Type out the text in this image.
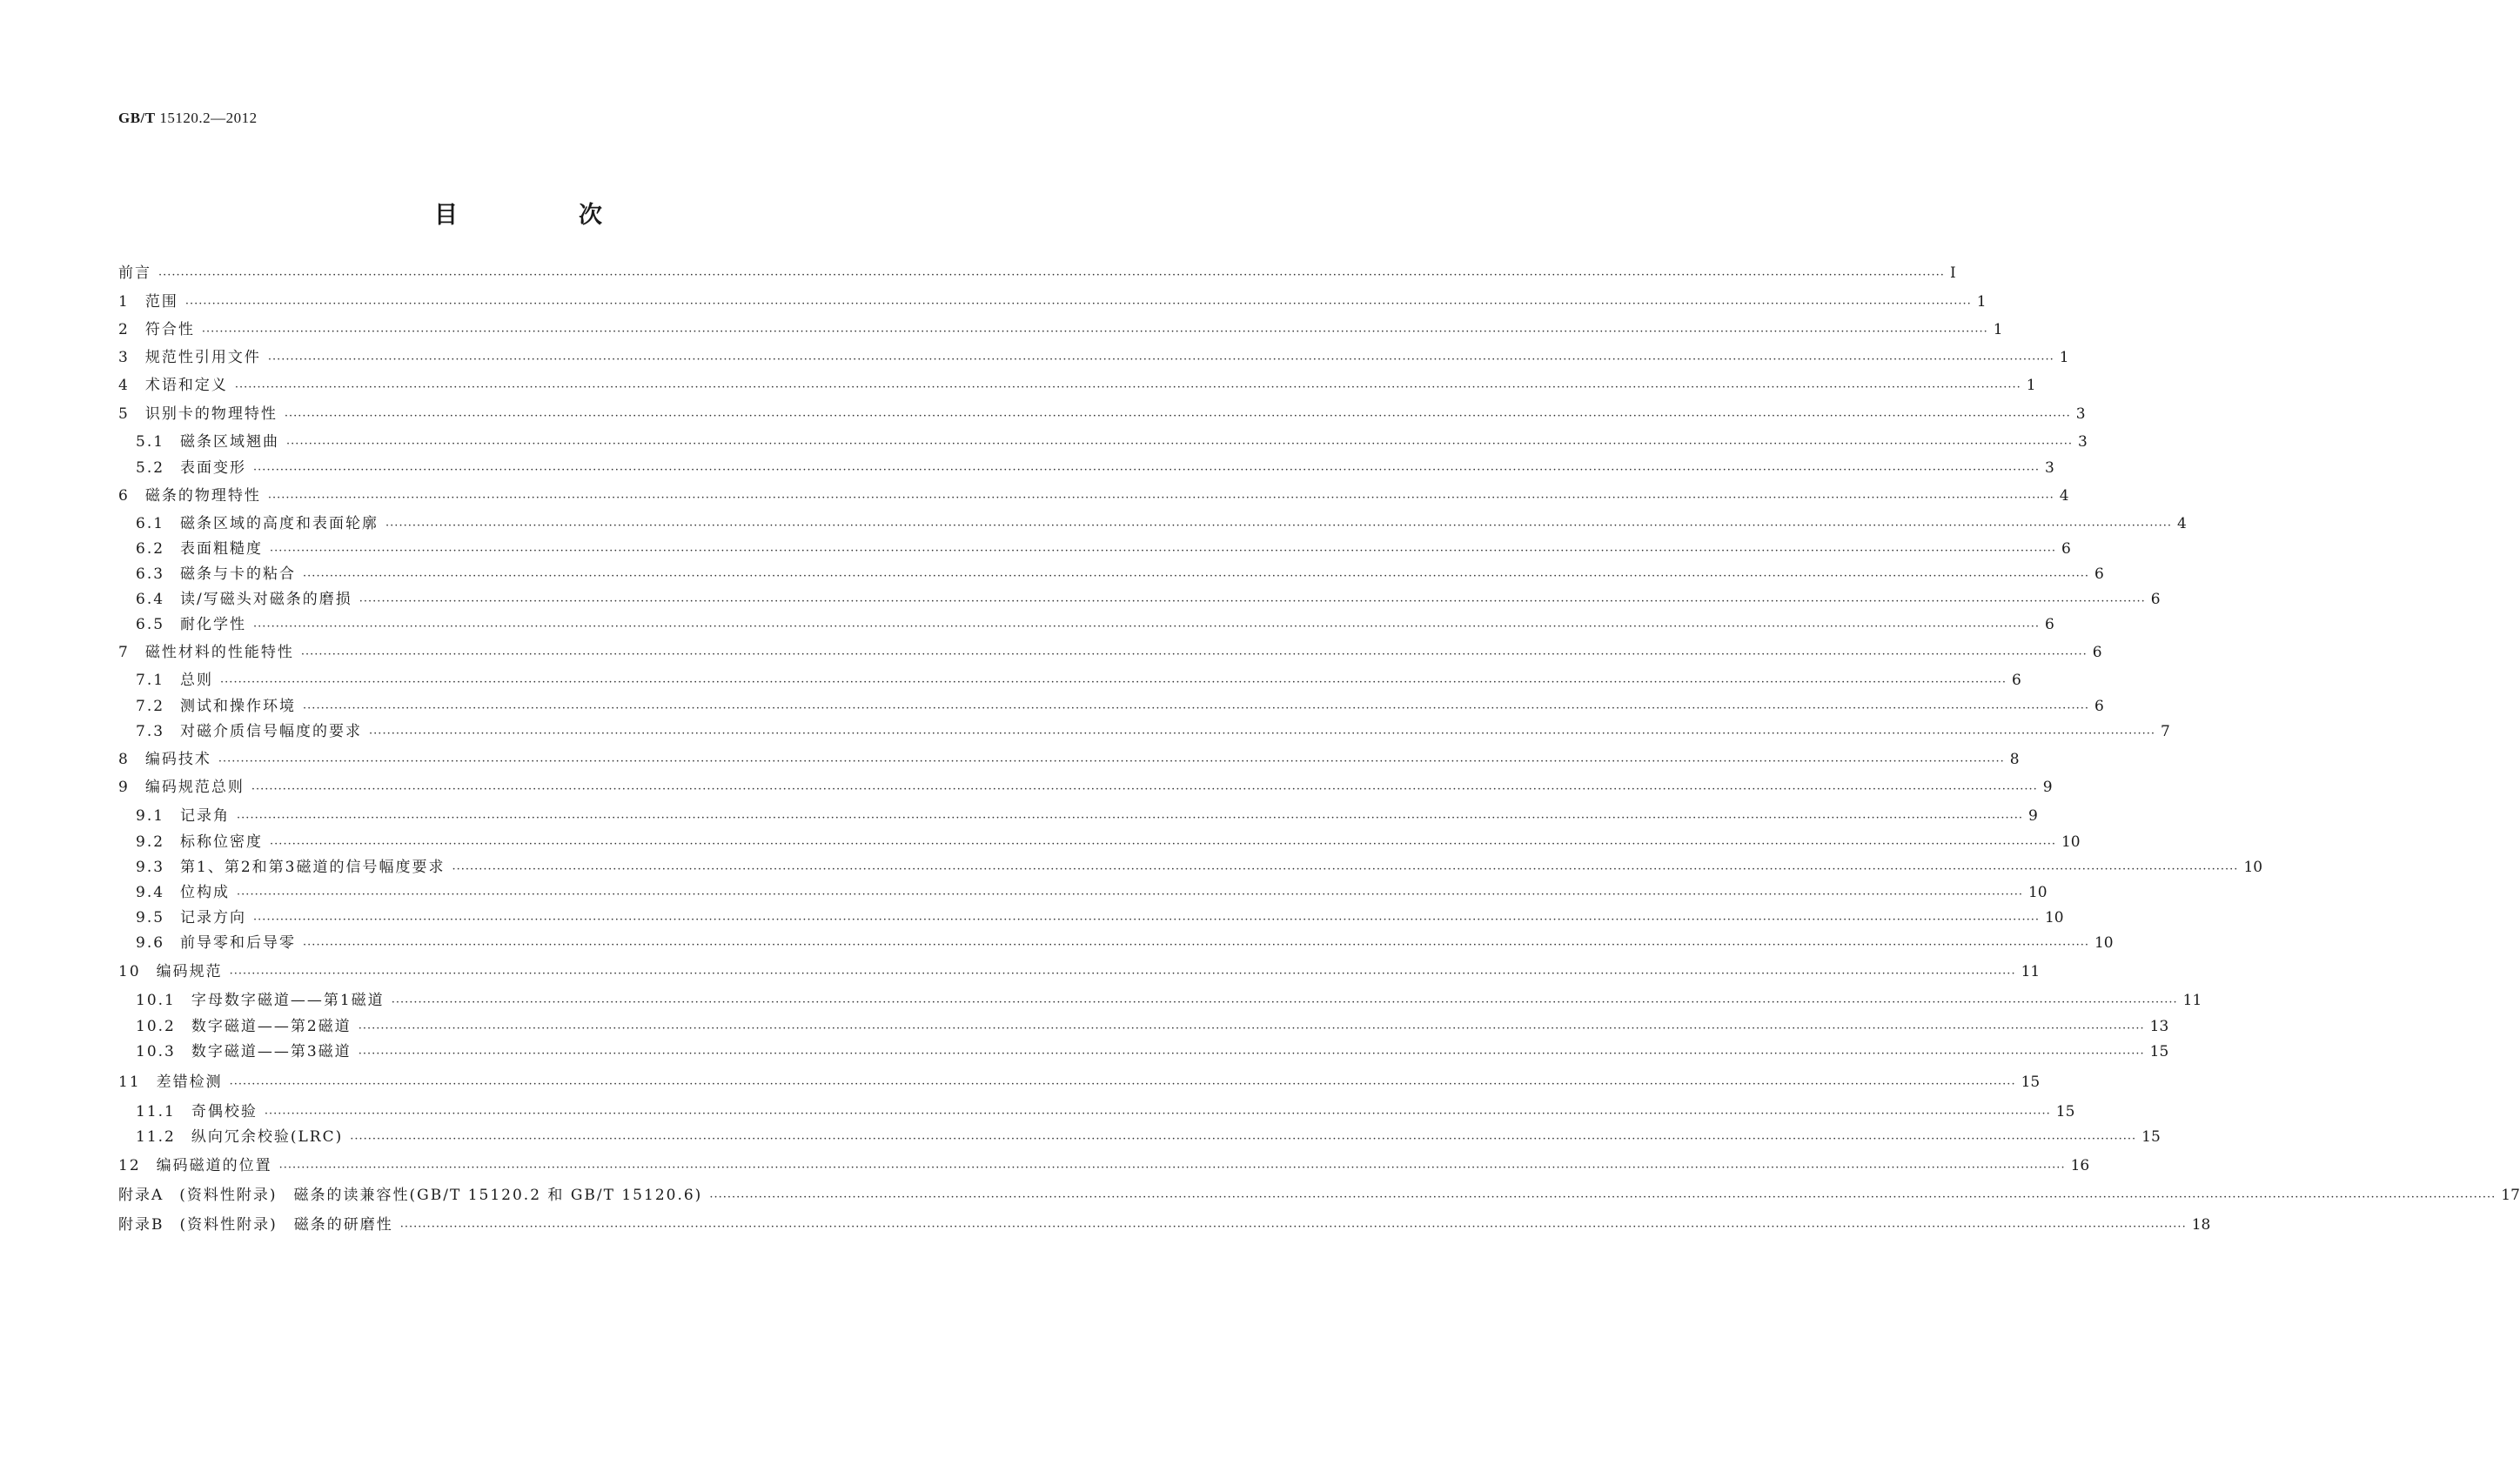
GB/T 15120.2—2012
目　次
前言 ················································································································································································································································································································································································································ Ⅰ
1 范围 ················································································································································································································································································································································································································ 1
2 符合性 ················································································································································································································································································································································································································ 1
3 规范性引用文件 ················································································································································································································································································································································································································ 1
4 术语和定义 ················································································································································································································································································································································································································ 1
5 识别卡的物理特性 ················································································································································································································································································································································································································ 3
5.1 磁条区域翘曲 ················································································································································································································································································································································································································ 3
5.2 表面变形 ················································································································································································································································································································································································································ 3
6 磁条的物理特性 ················································································································································································································································································································································································································ 4
6.1 磁条区域的高度和表面轮廓 ················································································································································································································································································································································································································ 4
6.2 表面粗糙度 ················································································································································································································································································································································································································ 6
6.3 磁条与卡的粘合 ················································································································································································································································································································································································································ 6
6.4 读/写磁头对磁条的磨损 ················································································································································································································································································································································································································ 6
6.5 耐化学性 ················································································································································································································································································································································································································ 6
7 磁性材料的性能特性 ················································································································································································································································································································································································································ 6
7.1 总则 ················································································································································································································································································································································································································ 6
7.2 测试和操作环境 ················································································································································································································································································································································································································ 6
7.3 对磁介质信号幅度的要求 ················································································································································································································································································································································································································ 7
8 编码技术 ················································································································································································································································································································································································································ 8
9 编码规范总则 ················································································································································································································································································································································································································ 9
9.1 记录角 ················································································································································································································································································································································································································ 9
9.2 标称位密度 ················································································································································································································································································································································································································ 10
9.3 第1、第2和第3磁道的信号幅度要求 ················································································································································································································································································································································································································ 10
9.4 位构成 ················································································································································································································································································································································································································ 10
9.5 记录方向 ················································································································································································································································································································································································································ 10
9.6 前导零和后导零 ················································································································································································································································································································································································································ 10
10 编码规范 ················································································································································································································································································································································································································ 11
10.1 字母数字磁道——第1磁道 ················································································································································································································································································································································································································ 11
10.2 数字磁道——第2磁道 ················································································································································································································································································································································································································ 13
10.3 数字磁道——第3磁道 ················································································································································································································································································································································································································ 15
11 差错检测 ················································································································································································································································································································································································································ 15
11.1 奇偶校验 ················································································································································································································································································································································································································ 15
11.2 纵向冗余校验(LRC) ················································································································································································································································································································································································································ 15
12 编码磁道的位置 ················································································································································································································································································································································································································ 16
附录A (资料性附录)　磁条的读兼容性(GB/T 15120.2 和 GB/T 15120.6) ················································································································································································································································································································································································································ 17
附录B (资料性附录)　磁条的研磨性 ················································································································································································································································································································································································································ 18
